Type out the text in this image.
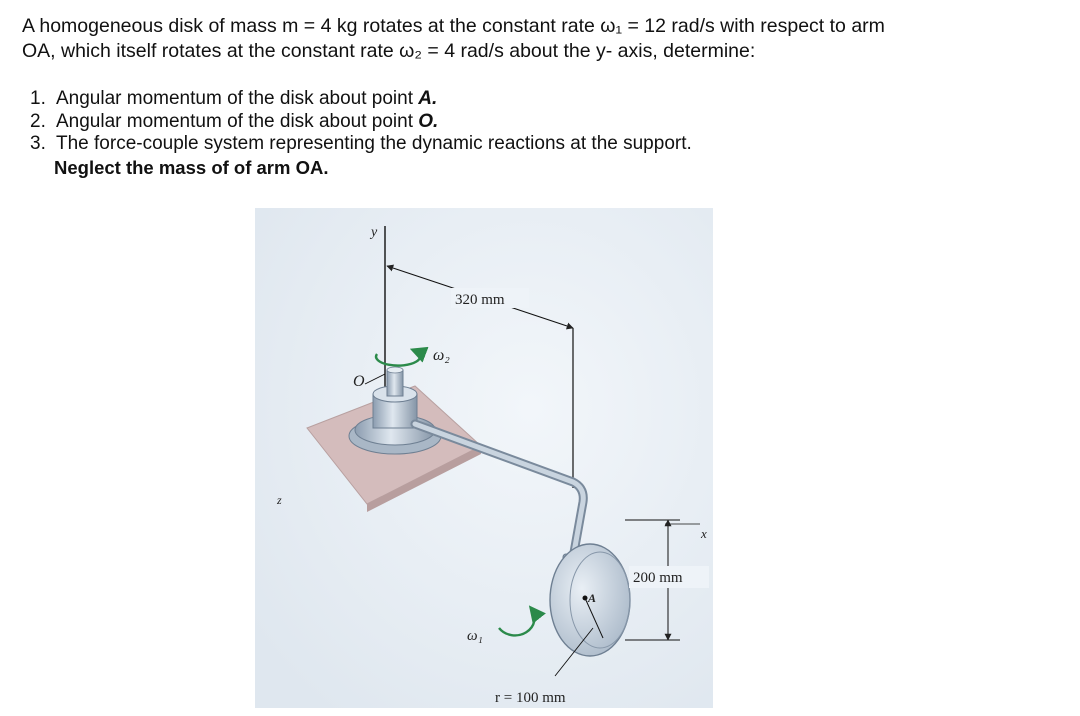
A homogeneous disk of mass m = 4 kg rotates at the constant rate ω₁ = 12 rad/s with respect to arm

OA, which itself rotates at the constant rate ω₂ = 4 rad/s about the y- axis, determine:

1. Angular momentum of the disk about point A.
2. Angular momentum of the disk about point O.
3. The force-couple system representing the dynamic reactions at the support.

Neglect the mass of of arm OA.

y
320 mm
ω₂
O
A
x
z
200 mm
ω₁
r = 100 mm
